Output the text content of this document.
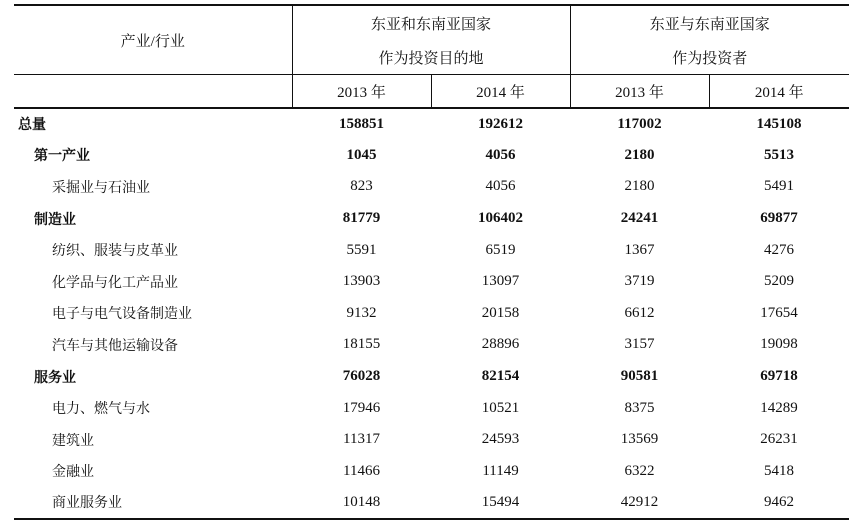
产业/行业	东亚和东南亚国家		东亚与东南亚国家	
	作为投资目的地		作为投资者	
	2013 年	2014 年	2013 年	2014 年
总量	158851	192612	117002	145108
第一产业	1045	4056	2180	5513
采掘业与石油业	823	4056	2180	5491
制造业	81779	106402	24241	69877
纺织、服装与皮革业	5591	6519	1367	4276
化学品与化工产品业	13903	13097	3719	5209
电子与电气设备制造业	9132	20158	6612	17654
汽车与其他运输设备	18155	28896	3157	19098
服务业	76028	82154	90581	69718
电力、燃气与水	17946	10521	8375	14289
建筑业	11317	24593	13569	26231
金融业	11466	11149	6322	5418
商业服务业	10148	15494	42912	9462
